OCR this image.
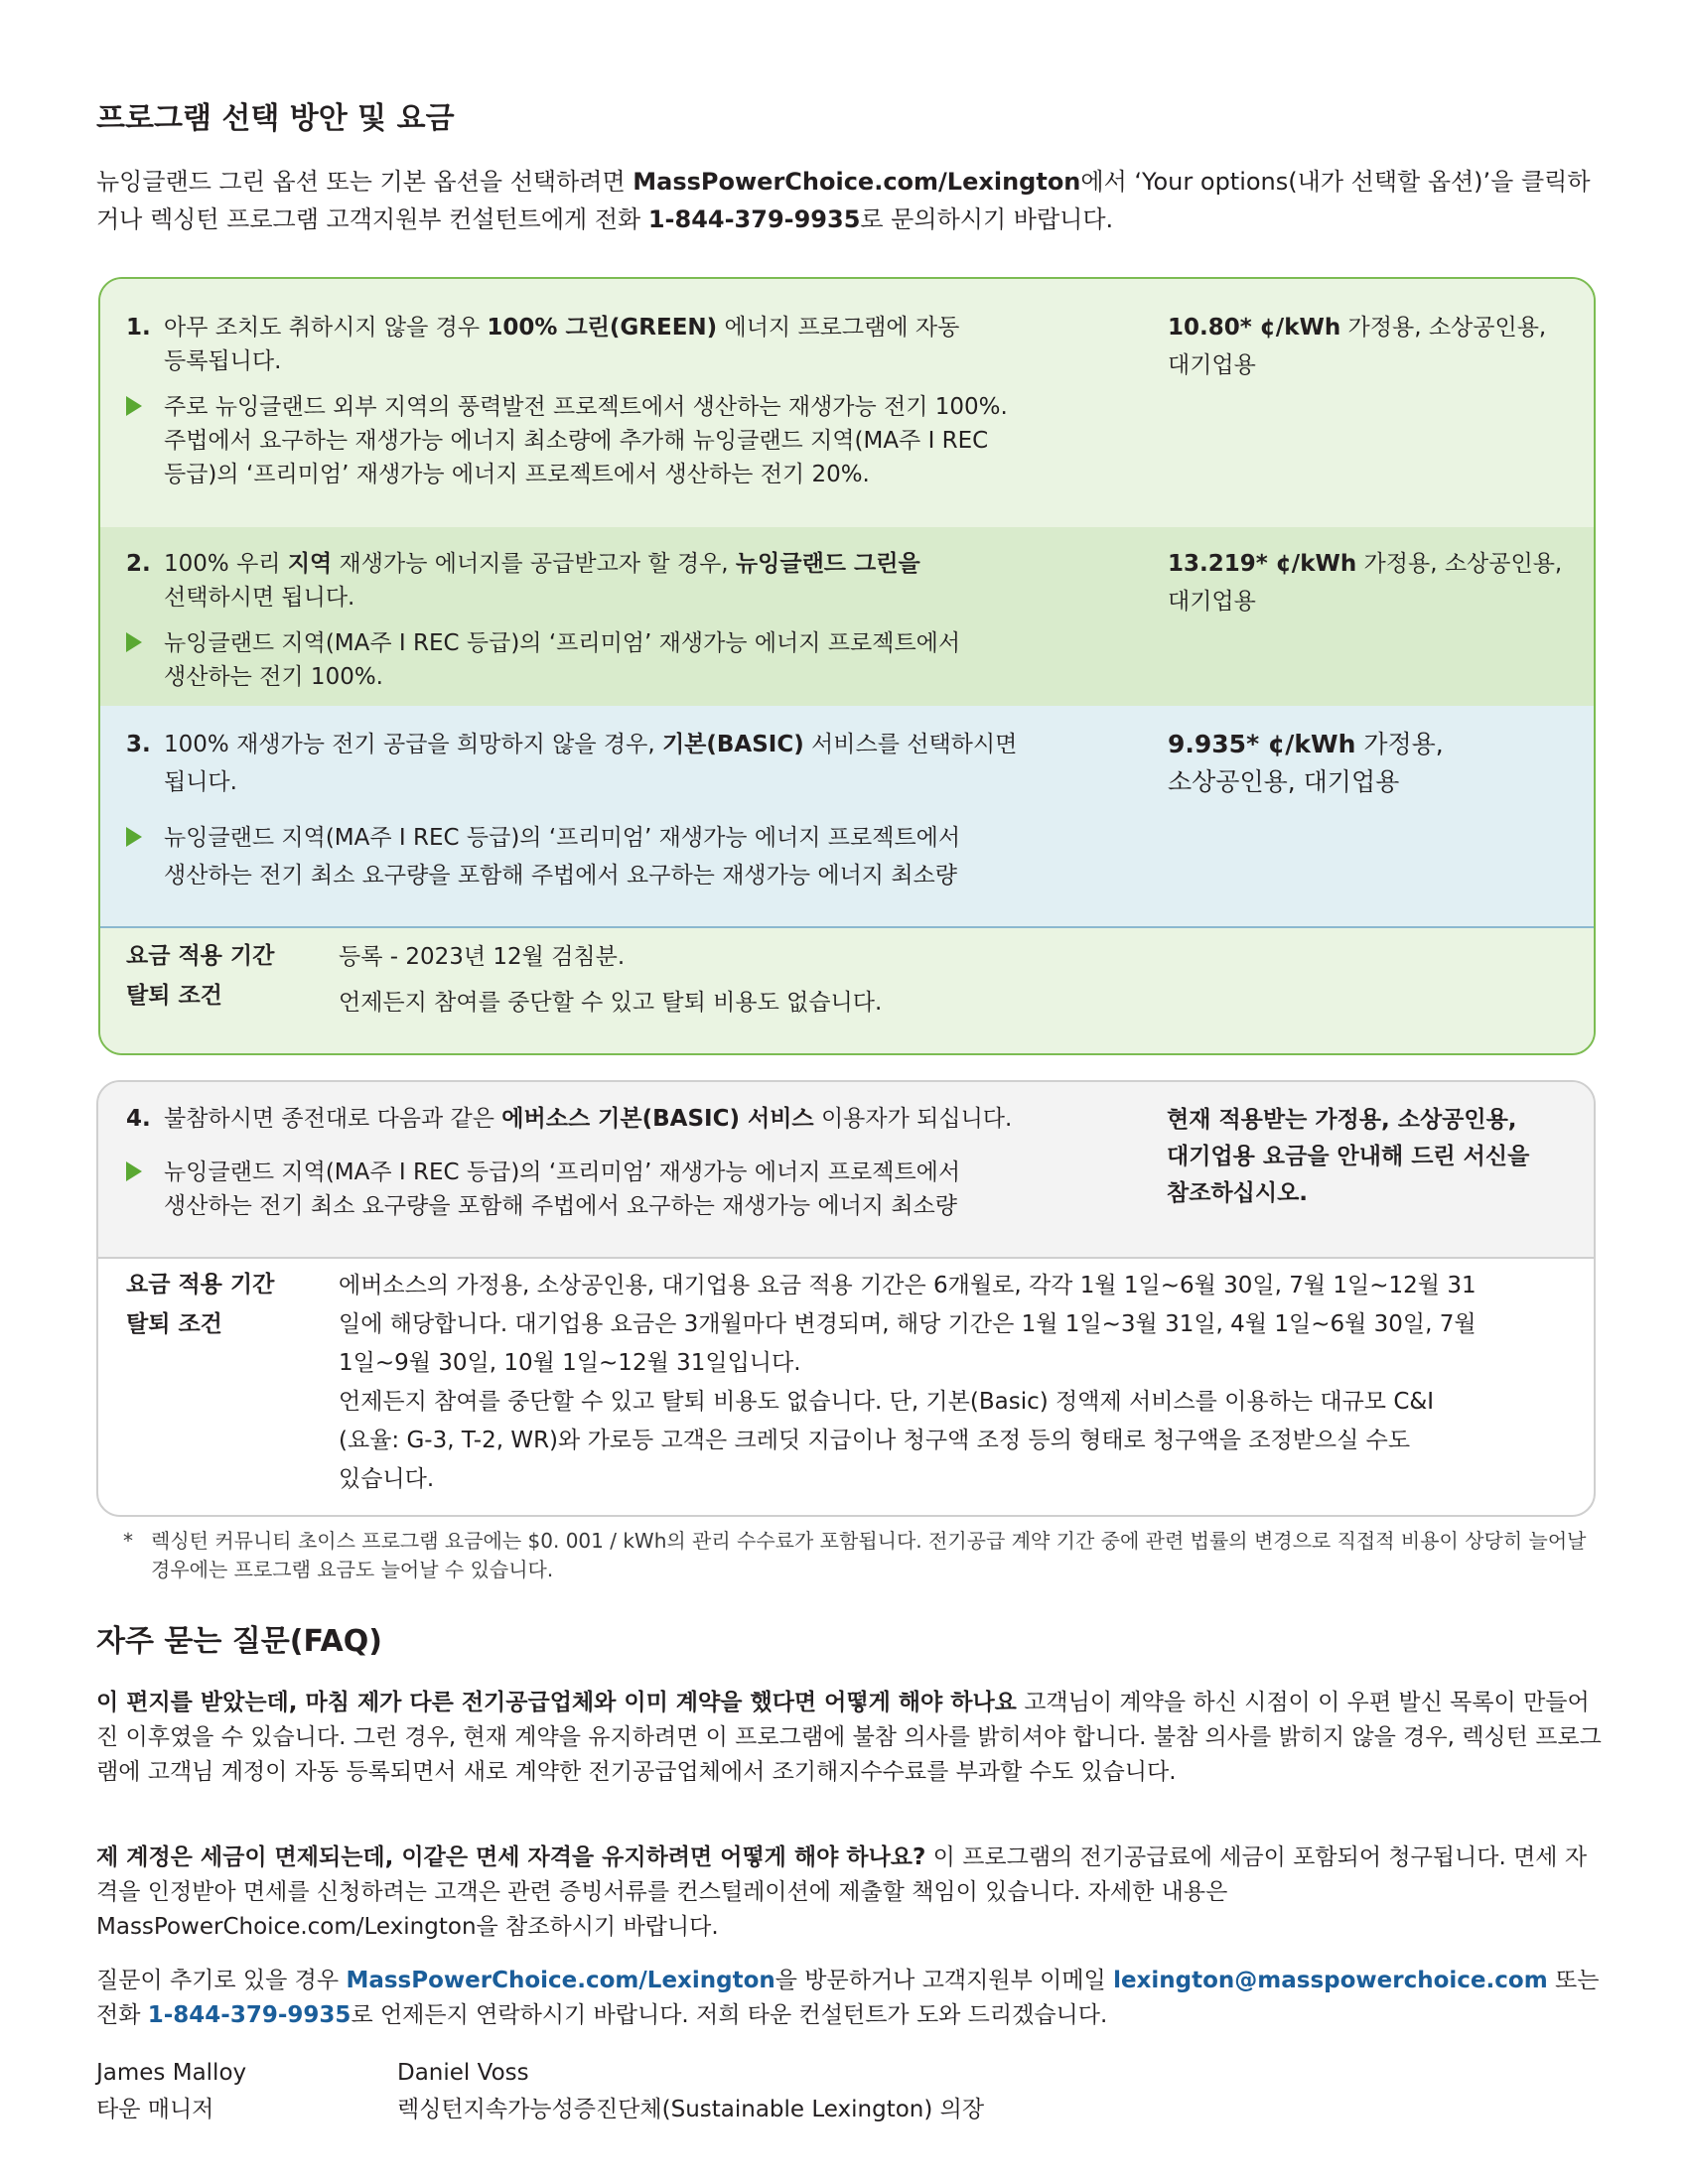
프로그램 선택 방안 및 요금

뉴잉글랜드 그린 옵션 또는 기본 옵션을 선택하려면 MassPowerChoice.com/Lexington에서 ‘Your options(내가 선택할 옵션)’을 클릭하거나 렉싱턴 프로그램 고객지원부 컨설턴트에게 전화 1-844-379-9935로 문의하시기 바랍니다.

1. 아무 조치도 취하시지 않을 경우 100% 그린(GREEN) 에너지 프로그램에 자동
등록됩니다.
주로 뉴잉글랜드 외부 지역의 풍력발전 프로젝트에서 생산하는 재생가능 전기 100%.
주법에서 요구하는 재생가능 에너지 최소량에 추가해 뉴잉글랜드 지역(MA주 I REC
등급)의 ‘프리미엄’ 재생가능 에너지 프로젝트에서 생산하는 전기 20%.
10.80* ¢/kWh 가정용, 소상공인용,
대기업용
2. 100% 우리 지역 재생가능 에너지를 공급받고자 할 경우, 뉴잉글랜드 그린을
선택하시면 됩니다.
뉴잉글랜드 지역(MA주 I REC 등급)의 ‘프리미엄’ 재생가능 에너지 프로젝트에서
생산하는 전기 100%.
13.219* ¢/kWh 가정용, 소상공인용,
대기업용
3. 100% 재생가능 전기 공급을 희망하지 않을 경우, 기본(BASIC) 서비스를 선택하시면
됩니다.
뉴잉글랜드 지역(MA주 I REC 등급)의 ‘프리미엄’ 재생가능 에너지 프로젝트에서
생산하는 전기 최소 요구량을 포함해 주법에서 요구하는 재생가능 에너지 최소량
9.935* ¢/kWh 가정용,
소상공인용, 대기업용
요금 적용 기간
탈퇴 조건
등록 - 2023년 12월 검침분.
언제든지 참여를 중단할 수 있고 탈퇴 비용도 없습니다.
4. 불참하시면 종전대로 다음과 같은 에버소스 기본(BASIC) 서비스 이용자가 되십니다.
뉴잉글랜드 지역(MA주 I REC 등급)의 ‘프리미엄’ 재생가능 에너지 프로젝트에서
생산하는 전기 최소 요구량을 포함해 주법에서 요구하는 재생가능 에너지 최소량
현재 적용받는 가정용, 소상공인용,
대기업용 요금을 안내해 드린 서신을
참조하십시오.
요금 적용 기간
탈퇴 조건
에버소스의 가정용, 소상공인용, 대기업용 요금 적용 기간은 6개월로, 각각 1월 1일~6월 30일, 7월 1일~12월 31
일에 해당합니다. 대기업용 요금은 3개월마다 변경되며, 해당 기간은 1월 1일~3월 31일, 4월 1일~6월 30일, 7월
1일~9월 30일, 10월 1일~12월 31일입니다.
언제든지 참여를 중단할 수 있고 탈퇴 비용도 없습니다. 단, 기본(Basic) 정액제 서비스를 이용하는 대규모 C&I
(요율: G-3, T-2, WR)와 가로등 고객은 크레딧 지급이나 청구액 조정 등의 형태로 청구액을 조정받으실 수도
있습니다.
* 렉싱턴 커뮤니티 초이스 프로그램 요금에는 $0. 001 / kWh의 관리 수수료가 포함됩니다. 전기공급 계약 기간 중에 관련 법률의 변경으로 직접적 비용이 상당히 늘어날 경우에는 프로그램 요금도 늘어날 수 있습니다.
자주 묻는 질문(FAQ)

이 편지를 받았는데, 마침 제가 다른 전기공급업체와 이미 계약을 했다면 어떻게 해야 하나요 고객님이 계약을 하신 시점이 이 우편 발신 목록이 만들어진 이후였을 수 있습니다. 그런 경우, 현재 계약을 유지하려면 이 프로그램에 불참 의사를 밝히셔야 합니다. 불참 의사를 밝히지 않을 경우, 렉싱턴 프로그램에 고객님 계정이 자동 등록되면서 새로 계약한 전기공급업체에서 조기해지수수료를 부과할 수도 있습니다.

제 계정은 세금이 면제되는데, 이같은 면세 자격을 유지하려면 어떻게 해야 하나요? 이 프로그램의 전기공급료에 세금이 포함되어 청구됩니다. 면세 자격을 인정받아 면세를 신청하려는 고객은 관련 증빙서류를 컨스털레이션에 제출할 책임이 있습니다. 자세한 내용은 MassPowerChoice.com/Lexington을 참조하시기 바랍니다.

질문이 추기로 있을 경우 MassPowerChoice.com/Lexington을 방문하거나 고객지원부 이메일 lexington@masspowerchoice.com 또는 전화 1-844-379-9935로 언제든지 연락하시기 바랍니다. 저희 타운 컨설턴트가 도와 드리겠습니다.

James Malloy
타운 매니저
Daniel Voss
렉싱턴지속가능성증진단체(Sustainable Lexington) 의장
